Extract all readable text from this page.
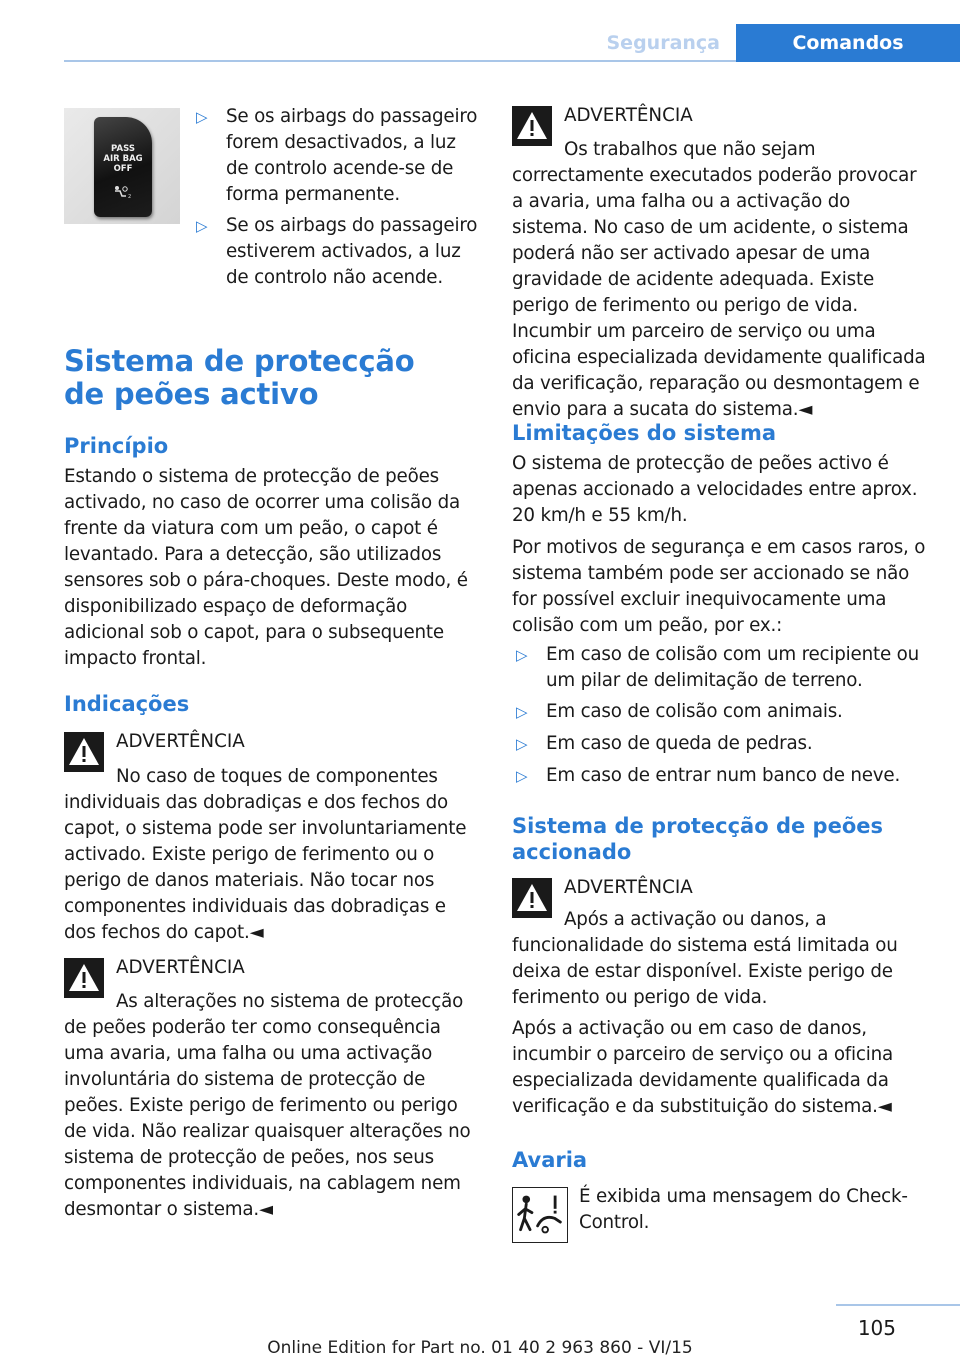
Segurança	Comandos
PASS
AIR BAG
OFF
2
▷	Se os airbags do passageiro forem desactivados, a luz de controlo acende-se de forma permanente.
▷	Se os airbags do passageiro estiverem activados, a luz de controlo não acende.
Sistema de protecção de peões activo
Princípio
Estando o sistema de protecção de peões activado, no caso de ocorrer uma colisão da frente da viatura com um peão, o capot é levantado. Para a detecção, são utilizados sensores sob o pára-choques. Deste modo, é disponibilizado espaço de deformação adicional sob o capot, para o subsequente impacto frontal.
Indicações
ADVERTÊNCIA
No caso de toques de componentes individuais das dobradiças e dos fechos do capot, o sistema pode ser involuntariamente activado. Existe perigo de ferimento ou o perigo de danos materiais. Não tocar nos componentes individuais das dobradiças e dos fechos do capot.◄
ADVERTÊNCIA
As alterações no sistema de protecção de peões poderão ter como consequência uma avaria, uma falha ou uma activação involuntária do sistema de protecção de peões. Existe perigo de ferimento ou perigo de vida. Não realizar quaisquer alterações no sistema de protecção de peões, nos seus componentes individuais, na cablagem nem desmontar o sistema.◄
ADVERTÊNCIA
Os trabalhos que não sejam correctamente executados poderão provocar a avaria, uma falha ou a activação do sistema. No caso de um acidente, o sistema poderá não ser activado apesar de uma gravidade de acidente adequada. Existe perigo de ferimento ou perigo de vida. Incumbir um parceiro de serviço ou uma oficina especializada devidamente qualificada da verificação, reparação ou desmontagem e envio para a sucata do sistema.◄
Limitações do sistema
O sistema de protecção de peões activo é apenas accionado a velocidades entre aprox. 20 km/h e 55 km/h.
Por motivos de segurança e em casos raros, o sistema também pode ser accionado se não for possível excluir inequivocamente uma colisão com um peão, por ex.:
▷	Em caso de colisão com um recipiente ou um pilar de delimitação de terreno.
▷	Em caso de colisão com animais.
▷	Em caso de queda de pedras.
▷	Em caso de entrar num banco de neve.
Sistema de protecção de peões accionado
ADVERTÊNCIA
Após a activação ou danos, a funcionalidade do sistema está limitada ou deixa de estar disponível. Existe perigo de ferimento ou perigo de vida.
Após a activação ou em caso de danos, incumbir o parceiro de serviço ou a oficina especializada devidamente qualificada da verificação e da substituição do sistema.◄
Avaria
É exibida uma mensagem do Check-Control.
105
Online Edition for Part no. 01 40 2 963 860 - VI/15
